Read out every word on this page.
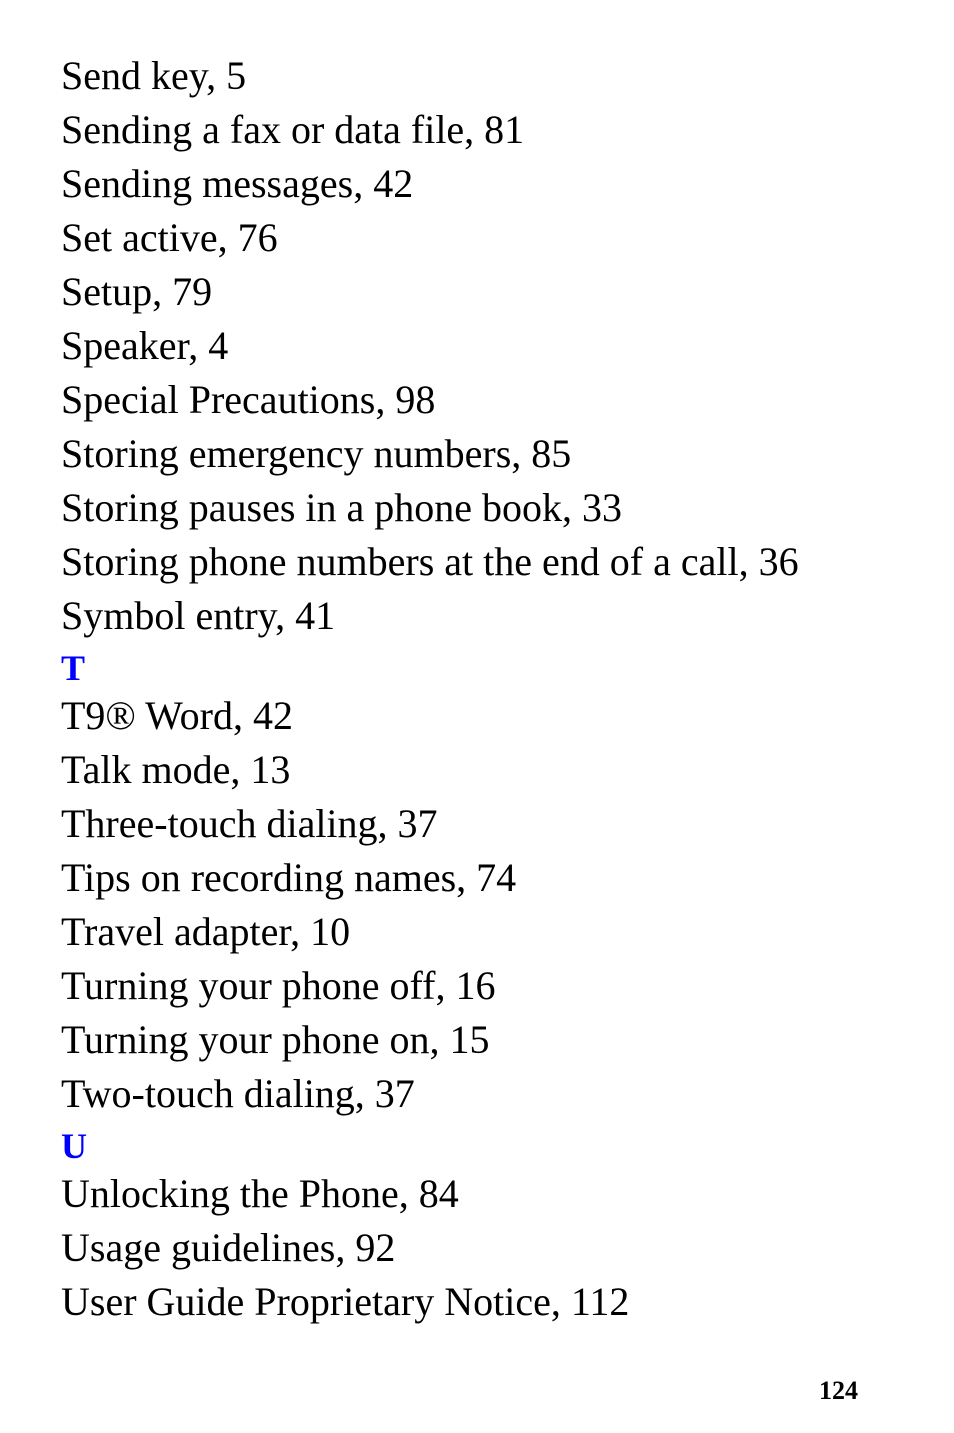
Send key, 5
Sending a fax or data file, 81
Sending messages, 42
Set active, 76
Setup, 79
Speaker, 4
Special Precautions, 98
Storing emergency numbers, 85
Storing pauses in a phone book, 33
Storing phone numbers at the end of a call, 36
Symbol entry, 41
T
T9® Word, 42
Talk mode, 13
Three-touch dialing, 37
Tips on recording names, 74
Travel adapter, 10
Turning your phone off, 16
Turning your phone on, 15
Two-touch dialing, 37
U
Unlocking the Phone, 84
Usage guidelines, 92
User Guide Proprietary Notice, 112
124
